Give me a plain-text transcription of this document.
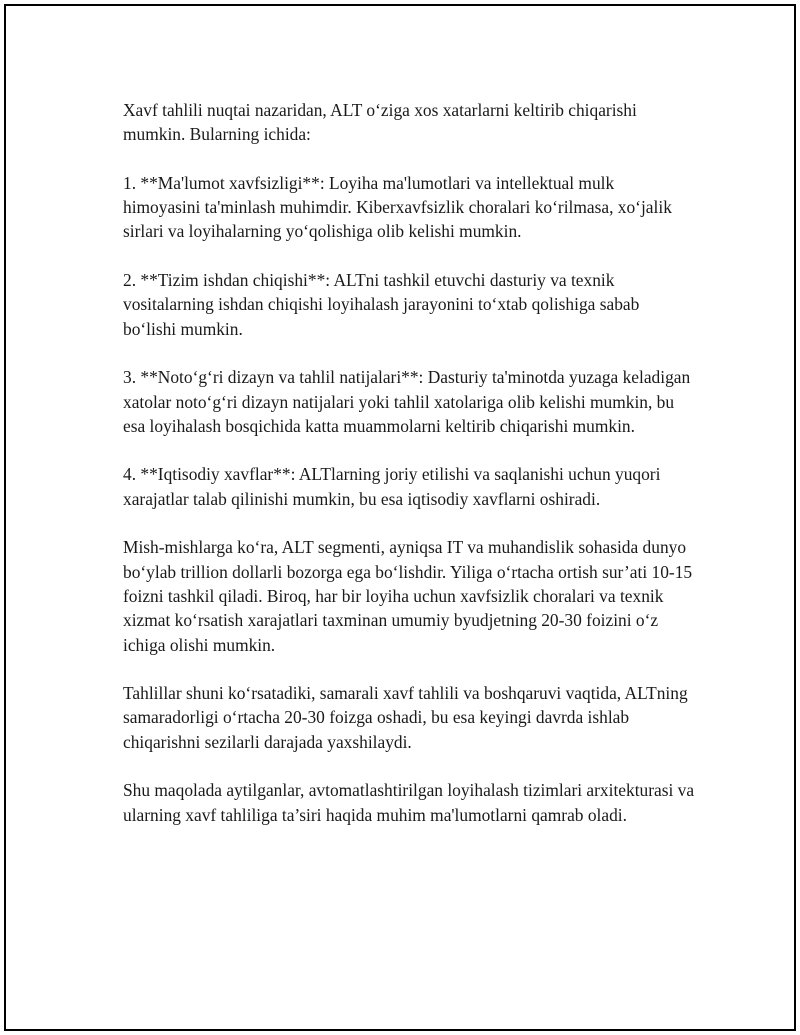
Xavf tahlili nuqtai nazaridan, ALT o‘ziga xos xatarlarni keltirib chiqarishi mumkin. Bularning ichida:

1. **Ma'lumot xavfsizligi**: Loyiha ma'lumotlari va intellektual mulk himoyasini ta'minlash muhimdir. Kiberxavfsizlik choralari ko‘rilmasa, xo‘jalik sirlari va loyihalarning yo‘qolishiga olib kelishi mumkin.

2. **Tizim ishdan chiqishi**: ALTni tashkil etuvchi dasturiy va texnik vositalarning ishdan chiqishi loyihalash jarayonini to‘xtab qolishiga sabab bo‘lishi mumkin.

3. **Noto‘g‘ri dizayn va tahlil natijalari**: Dasturiy ta'minotda yuzaga keladigan xatolar noto‘g‘ri dizayn natijalari yoki tahlil xatolariga olib kelishi mumkin, bu esa loyihalash bosqichida katta muammolarni keltirib chiqarishi mumkin.

4. **Iqtisodiy xavflar**: ALTlarning joriy etilishi va saqlanishi uchun yuqori xarajatlar talab qilinishi mumkin, bu esa iqtisodiy xavflarni oshiradi.

Mish-mishlarga ko‘ra, ALT segmenti, ayniqsa IT va muhandislik sohasida dunyo bo‘ylab trillion dollarli bozorga ega bo‘lishdir. Yiliga o‘rtacha ortish sur’ati 10-15 foizni tashkil qiladi. Biroq, har bir loyiha uchun xavfsizlik choralari va texnik xizmat ko‘rsatish xarajatlari taxminan umumiy byudjetning 20-30 foizini o‘z ichiga olishi mumkin.

Tahlillar shuni ko‘rsatadiki, samarali xavf tahlili va boshqaruvi vaqtida, ALTning samaradorligi o‘rtacha 20-30 foizga oshadi, bu esa keyingi davrda ishlab chiqarishni sezilarli darajada yaxshilaydi.

Shu maqolada aytilganlar, avtomatlashtirilgan loyihalash tizimlari arxitekturasi va ularning xavf tahliliga ta’siri haqida muhim ma'lumotlarni qamrab oladi.
